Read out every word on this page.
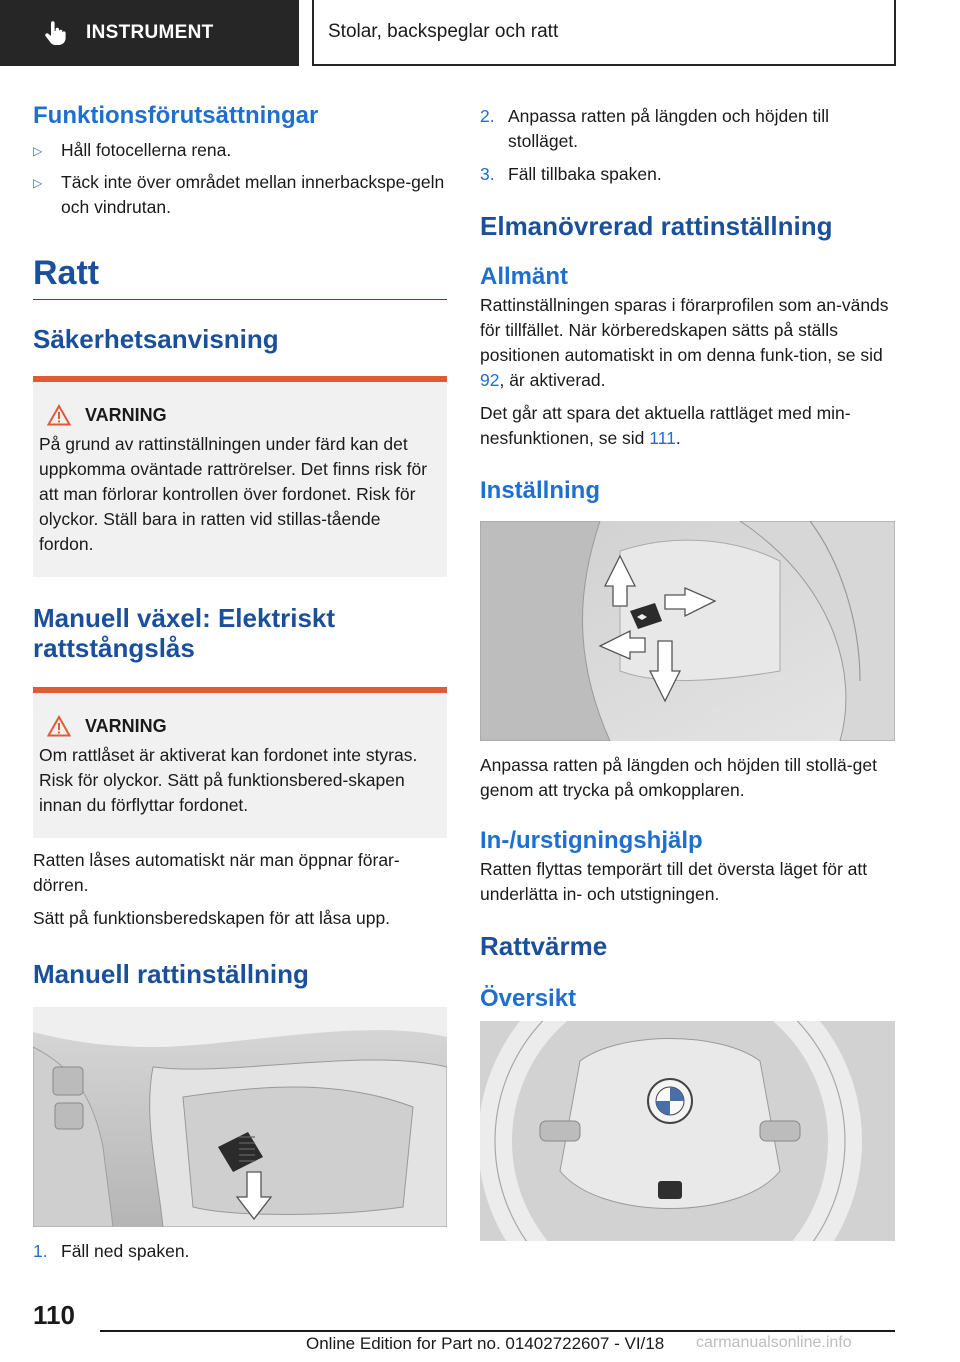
INSTRUMENT	Stolar, backspeglar och ratt
Funktionsförutsättningar
▷	Håll fotocellerna rena.
▷	Täck inte över området mellan innerbackspe-geln och vindrutan.
Ratt
Säkerhetsanvisning
VARNING
På grund av rattinställningen under färd kan det uppkomma oväntade rattrörelser. Det finns risk för att man förlorar kontrollen över fordonet. Risk för olyckor. Ställ bara in ratten vid stillas-tående fordon.
Manuell växel: Elektriskt rattstångslås
VARNING
Om rattlåset är aktiverat kan fordonet inte styras. Risk för olyckor. Sätt på funktionsbered-skapen innan du förflyttar fordonet.
Ratten låses automatiskt när man öppnar förar-dörren.
Sätt på funktionsberedskapen för att låsa upp.
Manuell rattinställning
1. Fäll ned spaken.
2. Anpassa ratten på längden och höjden till stolläget.
3. Fäll tillbaka spaken.
Elmanövrerad rattinställning
Allmänt
Rattinställningen sparas i förarprofilen som an-vänds för tillfället. När körberedskapen sätts på ställs positionen automatiskt in om denna funk-tion, se sid 92, är aktiverad.
Det går att spara det aktuella rattläget med min-nesfunktionen, se sid 111.
Inställning
Anpassa ratten på längden och höjden till stollä-get genom att trycka på omkopplaren.
In-/urstigningshjälp
Ratten flyttas temporärt till det översta läget för att underlätta in- och utstigningen.
Rattvärme
Översikt
110
Online Edition for Part no. 01402722607 - VI/18 carmanualsonline.info
